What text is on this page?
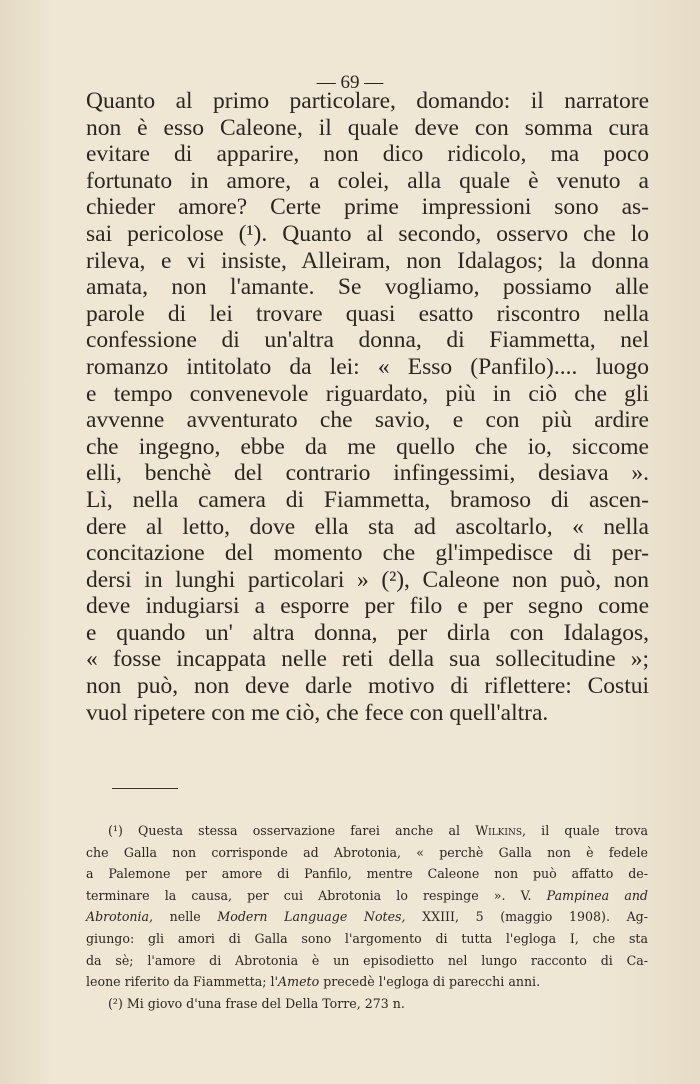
— 69 —
Quanto al primo particolare, domando: il narratore
non è esso Caleone, il quale deve con somma cura
evitare di apparire, non dico ridicolo, ma poco
fortunato in amore, a colei, alla quale è venuto a
chieder amore? Certe prime impressioni sono as-
sai pericolose (¹). Quanto al secondo, osservo che lo
rileva, e vi insiste, Alleiram, non Idalagos; la donna
amata, non l'amante. Se vogliamo, possiamo alle
parole di lei trovare quasi esatto riscontro nella
confessione di un'altra donna, di Fiammetta, nel
romanzo intitolato da lei: « Esso (Panfilo).... luogo
e tempo convenevole riguardato, più in ciò che gli
avvenne avventurato che savio, e con più ardire
che ingegno, ebbe da me quello che io, siccome
elli, benchè del contrario infingessimi, desiava ».
Lì, nella camera di Fiammetta, bramoso di ascen-
dere al letto, dove ella sta ad ascoltarlo, « nella
concitazione del momento che gl'impedisce di per-
dersi in lunghi particolari » (²), Caleone non può, non
deve indugiarsi a esporre per filo e per segno come
e quando un' altra donna, per dirla con Idalagos,
« fosse incappata nelle reti della sua sollecitudine »;
non può, non deve darle motivo di riflettere: Costui
vuol ripetere con me ciò, che fece con quell'altra.
(¹) Questa stessa osservazione farei anche al Wilkins, il quale trova
che Galla non corrisponde ad Abrotonia, « perchè Galla non è fedele
a Palemone per amore di Panfilo, mentre Caleone non può affatto de-
terminare la causa, per cui Abrotonia lo respinge ». V. Pampinea and
Abrotonia, nelle Modern Language Notes, XXIII, 5 (maggio 1908). Ag-
giungo: gli amori di Galla sono l'argomento di tutta l'egloga I, che sta
da sè; l'amore di Abrotonia è un episodietto nel lungo racconto di Ca-
leone riferito da Fiammetta; l'Ameto precedè l'egloga di parecchi anni.
(²) Mi giovo d'una frase del Della Torre, 273 n.
